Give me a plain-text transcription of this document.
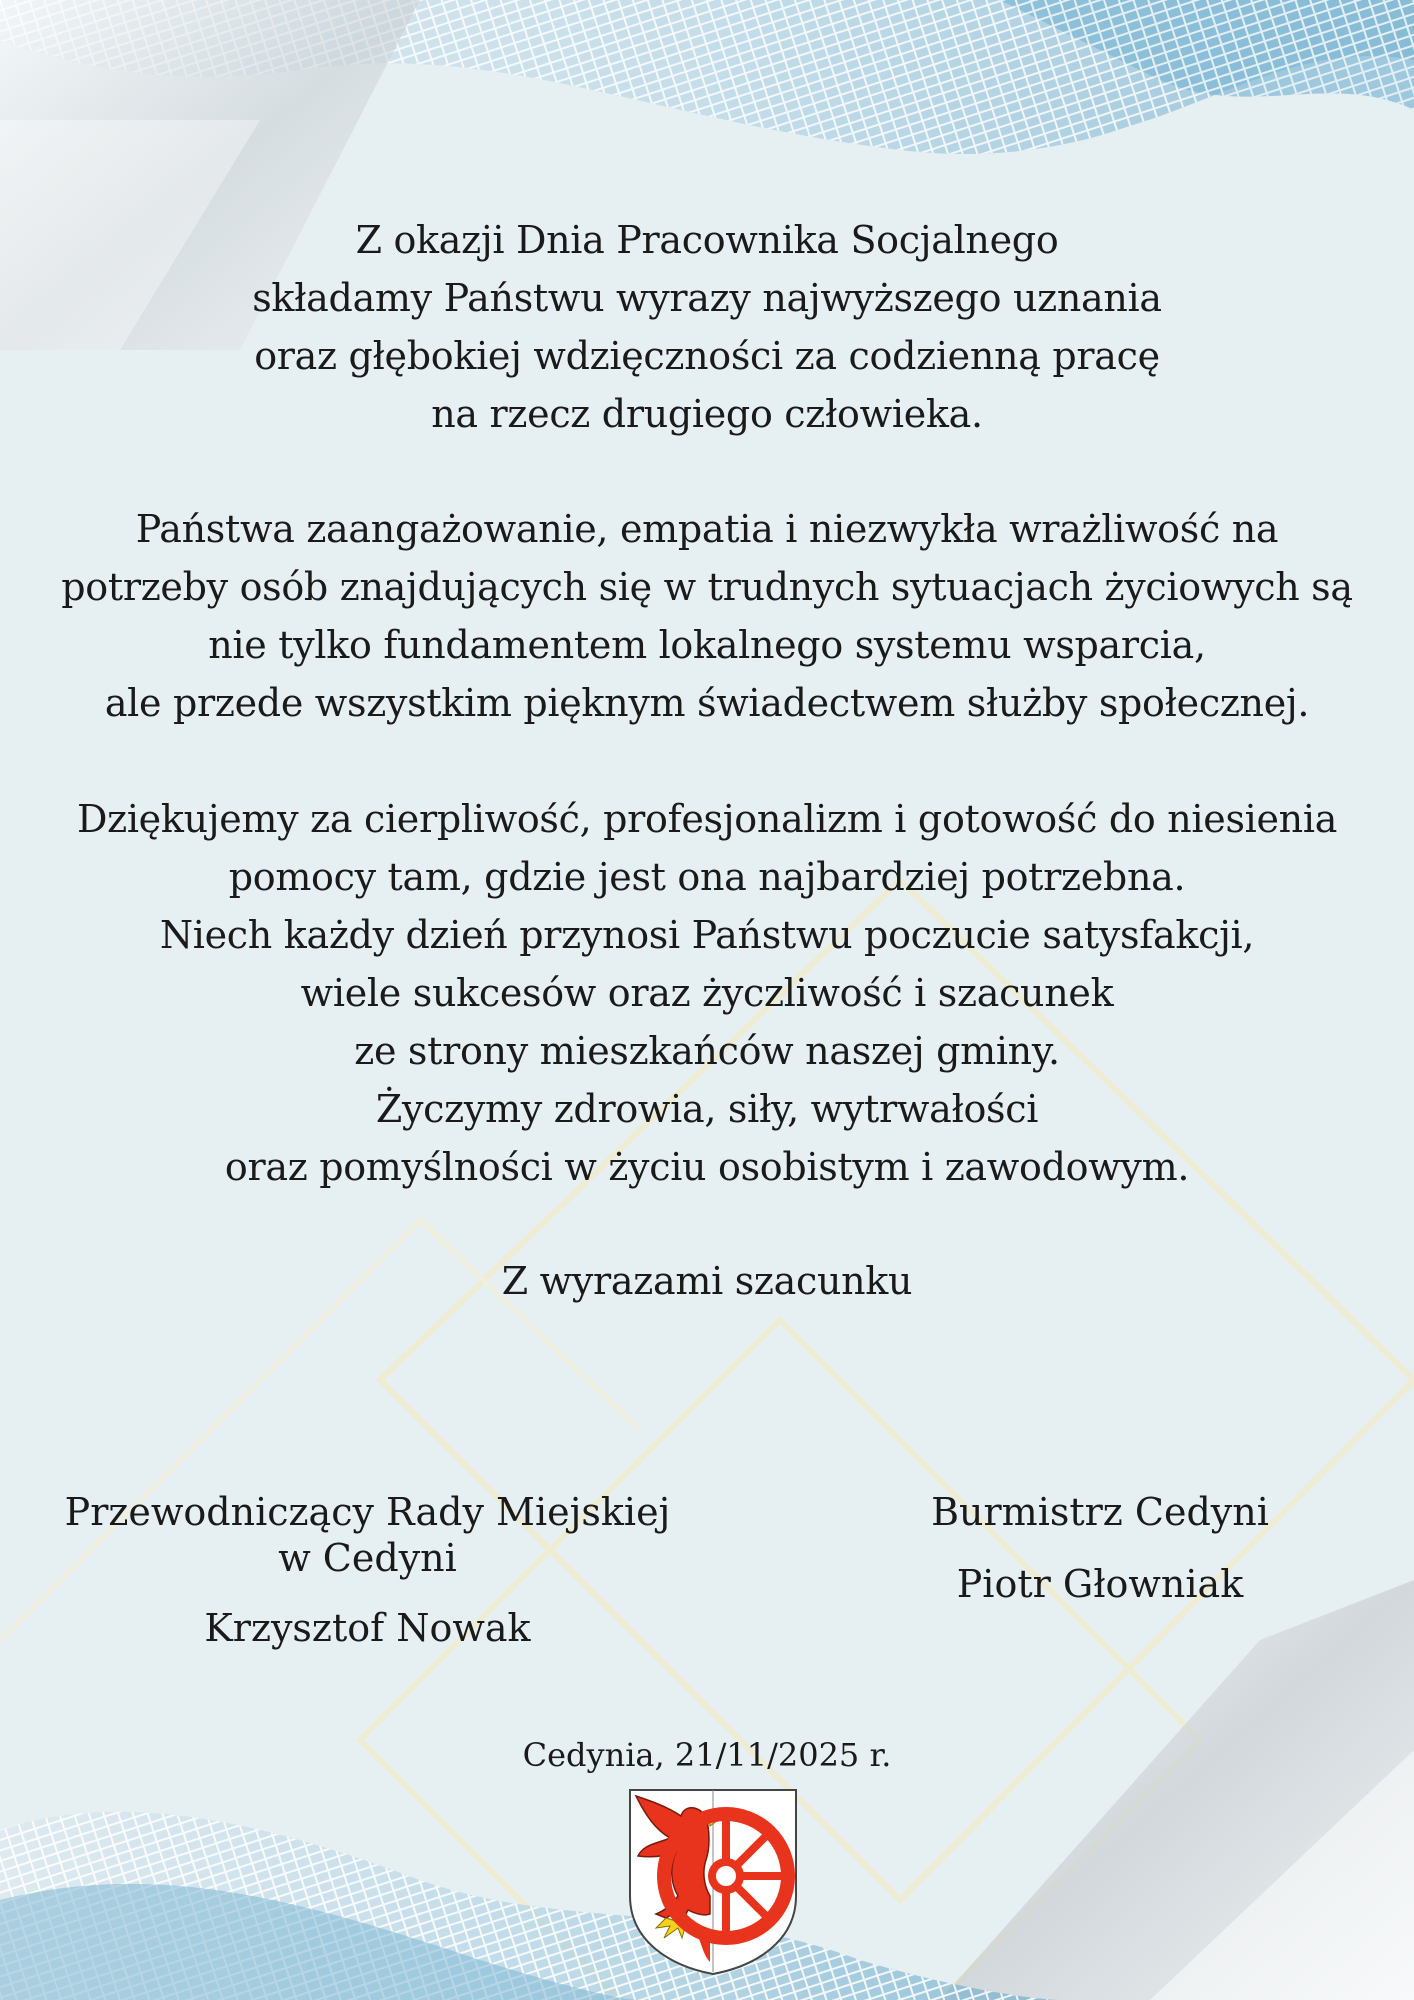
Z okazji Dnia Pracownika Socjalnego
składamy Państwu wyrazy najwyższego uznania
oraz głębokiej wdzięczności za codzienną pracę
na rzecz drugiego człowieka.
Państwa zaangażowanie, empatia i niezwykła wrażliwość na
potrzeby osób znajdujących się w trudnych sytuacjach życiowych są
nie tylko fundamentem lokalnego systemu wsparcia,
ale przede wszystkim pięknym świadectwem służby społecznej.
Dziękujemy za cierpliwość, profesjonalizm i gotowość do niesienia
pomocy tam, gdzie jest ona najbardziej potrzebna.
Niech każdy dzień przynosi Państwu poczucie satysfakcji,
wiele sukcesów oraz życzliwość i szacunek
ze strony mieszkańców naszej gminy.
Życzymy zdrowia, siły, wytrwałości
oraz pomyślności w życiu osobistym i zawodowym.
Z wyrazami szacunku
Przewodniczący Rady Miejskiej
w Cedyni
Krzysztof Nowak
Burmistrz Cedyni
Piotr Głowniak
Cedynia, 21/11/2025 r.
